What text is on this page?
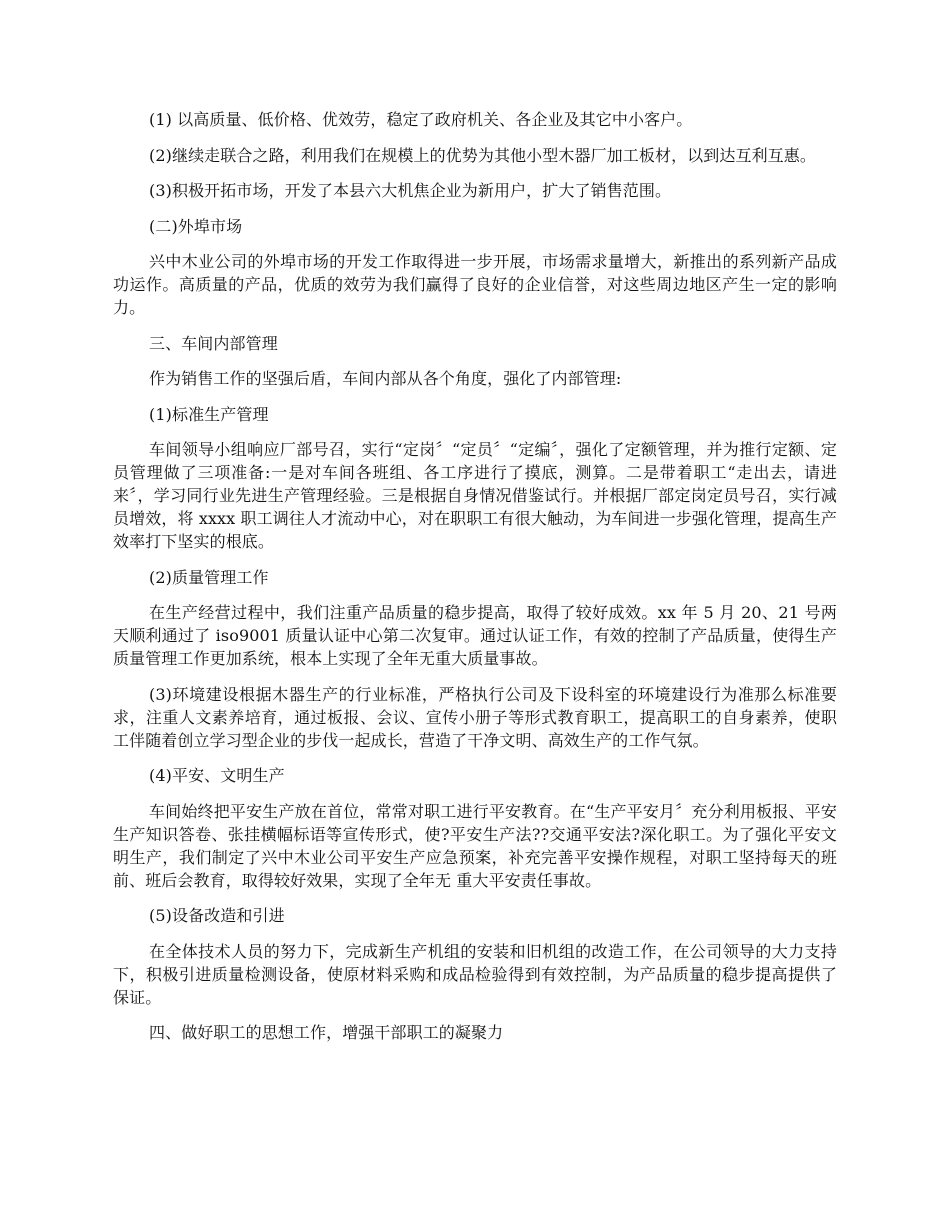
(1) 以高质量、低价格、优效劳，稳定了政府机关、各企业及其它中小客户。

(2)继续走联合之路，利用我们在规模上的优势为其他小型木器厂加工板材，以到达互利互惠。

(3)积极开拓市场，开发了本县六大机焦企业为新用户，扩大了销售范围。

(二)外埠市场

兴中木业公司的外埠市场的开发工作取得进一步开展，市场需求量增大，新推出的系列新产品成功运作。高质量的产品，优质的效劳为我们赢得了良好的企业信誉，对这些周边地区产生一定的影响力。

三、车间内部管理

作为销售工作的坚强后盾，车间内部从各个角度，强化了内部管理:

(1)标准生产管理

车间领导小组响应厂部号召，实行“定岗〞“定员〞“定编〞，强化了定额管理，并为推行定额、定员管理做了三项准备:一是对车间各班组、各工序进行了摸底，测算。二是带着职工“走出去，请进来〞，学习同行业先进生产管理经验。三是根据自身情况借鉴试行。并根据厂部定岗定员号召，实行减员增效，将 xxxx 职工调往人才流动中心，对在职职工有很大触动，为车间进一步强化管理，提高生产效率打下坚实的根底。

(2)质量管理工作

在生产经营过程中，我们注重产品质量的稳步提高，取得了较好成效。xx 年 5 月 20、21 号两天顺利通过了 iso9001 质量认证中心第二次复审。通过认证工作，有效的控制了产品质量，使得生产质量管理工作更加系统，根本上实现了全年无重大质量事故。

(3)环境建设根据木器生产的行业标准，严格执行公司及下设科室的环境建设行为准那么标准要求，注重人文素养培育，通过板报、会议、宣传小册子等形式教育职工，提高职工的自身素养，使职工伴随着创立学习型企业的步伐一起成长，营造了干净文明、高效生产的工作气氛。

(4)平安、文明生产

车间始终把平安生产放在首位，常常对职工进行平安教育。在“生产平安月〞充分利用板报、平安生产知识答卷、张挂横幅标语等宣传形式，使?平安生产法??交通平安法?深化职工。为了强化平安文明生产，我们制定了兴中木业公司平安生产应急预案，补充完善平安操作规程，对职工坚持每天的班前、班后会教育，取得较好效果，实现了全年无 重大平安责任事故。

(5)设备改造和引进

在全体技术人员的努力下，完成新生产机组的安装和旧机组的改造工作，在公司领导的大力支持下，积极引进质量检测设备，使原材料采购和成品检验得到有效控制，为产品质量的稳步提高提供了保证。

四、做好职工的思想工作，增强干部职工的凝聚力
